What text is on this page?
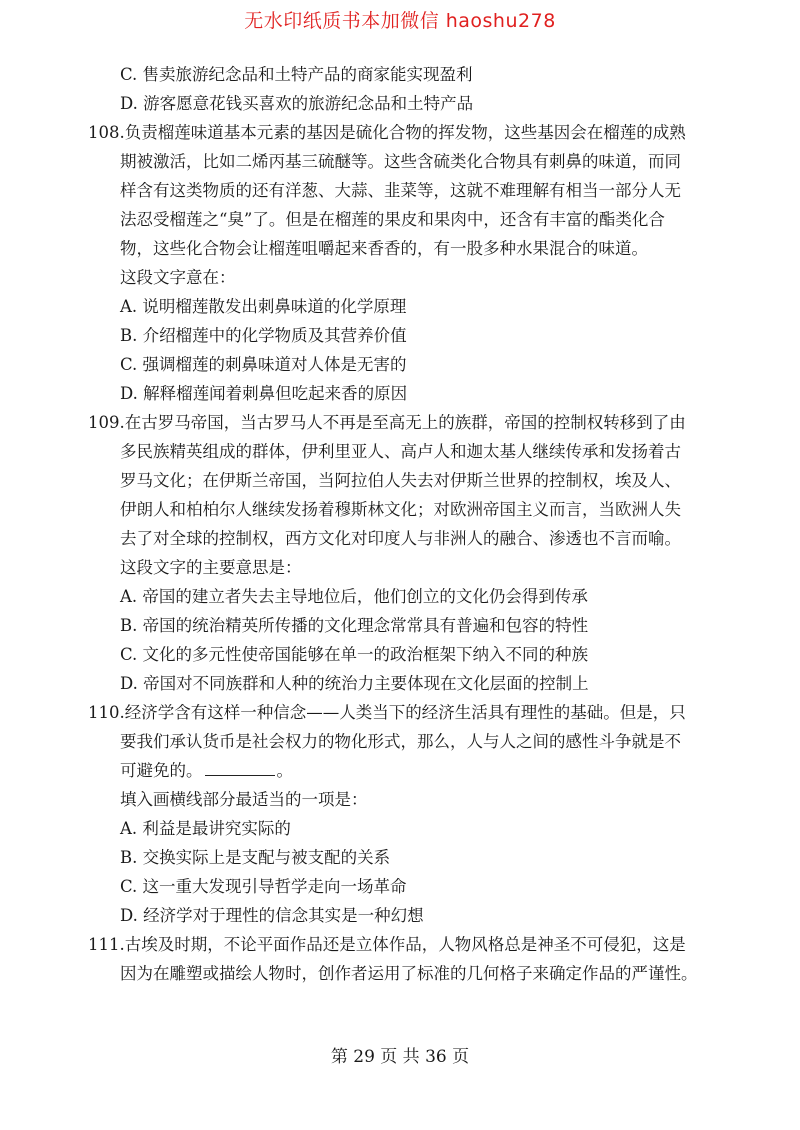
无水印纸质书本加微信 haoshu278
C. 售卖旅游纪念品和土特产品的商家能实现盈利
D. 游客愿意花钱买喜欢的旅游纪念品和土特产品
108.负责榴莲味道基本元素的基因是硫化合物的挥发物，这些基因会在榴莲的成熟
期被激活，比如二烯丙基三硫醚等。这些含硫类化合物具有刺鼻的味道，而同
样含有这类物质的还有洋葱、大蒜、韭菜等，这就不难理解有相当一部分人无
法忍受榴莲之“臭”了。但是在榴莲的果皮和果肉中，还含有丰富的酯类化合
物，这些化合物会让榴莲咀嚼起来香香的，有一股多种水果混合的味道。
这段文字意在：
A. 说明榴莲散发出刺鼻味道的化学原理
B. 介绍榴莲中的化学物质及其营养价值
C. 强调榴莲的刺鼻味道对人体是无害的
D. 解释榴莲闻着刺鼻但吃起来香的原因
109.在古罗马帝国，当古罗马人不再是至高无上的族群，帝国的控制权转移到了由
多民族精英组成的群体，伊利里亚人、高卢人和迦太基人继续传承和发扬着古
罗马文化；在伊斯兰帝国，当阿拉伯人失去对伊斯兰世界的控制权，埃及人、
伊朗人和柏柏尔人继续发扬着穆斯林文化；对欧洲帝国主义而言，当欧洲人失
去了对全球的控制权，西方文化对印度人与非洲人的融合、渗透也不言而喻。
这段文字的主要意思是：
A. 帝国的建立者失去主导地位后，他们创立的文化仍会得到传承
B. 帝国的统治精英所传播的文化理念常常具有普遍和包容的特性
C. 文化的多元性使帝国能够在单一的政治框架下纳入不同的种族
D. 帝国对不同族群和人种的统治力主要体现在文化层面的控制上
110.经济学含有这样一种信念——人类当下的经济生活具有理性的基础。但是，只
要我们承认货币是社会权力的物化形式，那么，人与人之间的感性斗争就是不
可避免的。	。
填入画横线部分最适当的一项是：
A. 利益是最讲究实际的
B. 交换实际上是支配与被支配的关系
C. 这一重大发现引导哲学走向一场革命
D. 经济学对于理性的信念其实是一种幻想
111.古埃及时期，不论平面作品还是立体作品，人物风格总是神圣不可侵犯，这是
因为在雕塑或描绘人物时，创作者运用了标准的几何格子来确定作品的严谨性。
第 29 页 共 36 页
